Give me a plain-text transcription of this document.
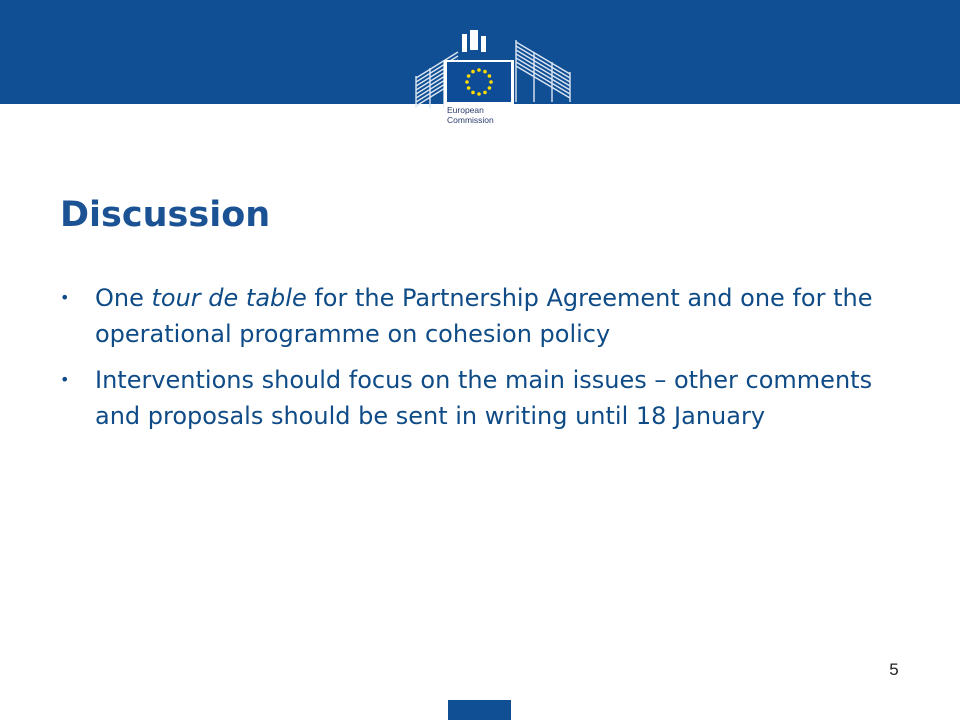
European
Commission
Discussion
• One tour de table for the Partnership Agreement and one for the operational programme on cohesion policy
• Interventions should focus on the main issues – other comments and proposals should be sent in writing until 18 January
5
